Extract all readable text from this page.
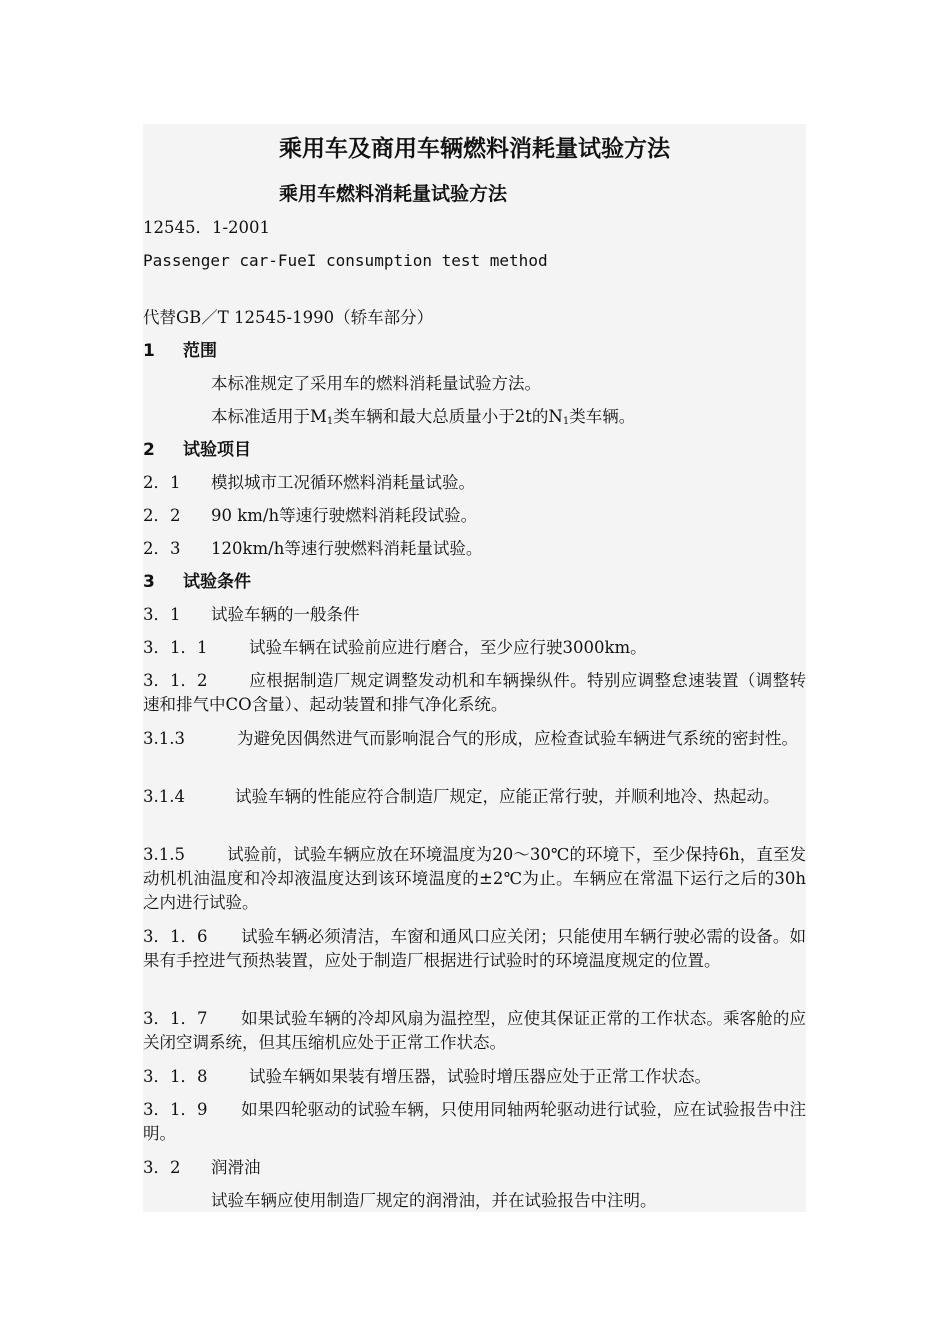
乘用车及商用车辆燃料消耗量试验方法
乘用车燃料消耗量试验方法
12545．1-2001
Passenger car-FueI consumption test method
代替GB／T 12545-1990（轿车部分）
1 范围
本标准规定了采用车的燃料消耗量试验方法。
本标准适用于$M_1$类车辆和最大总质量小于2t的$N_1$类车辆。
2 试验项目
2．1 模拟城市工况循环燃料消耗量试验。
2．2 90 km/h等速行驶燃料消耗段试验。
2．3 120km/h等速行驶燃料消耗量试验。
3 试验条件
3．1 试验车辆的一般条件
3．1．1	试验车辆在试验前应进行磨合，至少应行驶3000km。
3．1．2	应根据制造厂规定调整发动机和车辆操纵件。特别应调整怠速装置（调整转速和排气中CO含量）、起动装置和排气净化系统。
3.1.3	为避免因偶然进气而影响混合气的形成，应检查试验车辆进气系统的密封性。
3.1.4	试验车辆的性能应符合制造厂规定，应能正常行驶，并顺利地冷、热起动。
3.1.5	试验前，试验车辆应放在环境温度为20～30℃的环境下，至少保持6h，直至发动机机油温度和冷却液温度达到该环境温度的±2℃为止。车辆应在常温下运行之后的30h之内进行试验。
3．1．6 试验车辆必须清洁，车窗和通风口应关闭；只能使用车辆行驶必需的设备。如果有手控进气预热装置，应处于制造厂根据进行试验时的环境温度规定的位置。
3．1．7 如果试验车辆的冷却风扇为温控型，应使其保证正常的工作状态。乘客舱的应关闭空调系统，但其压缩机应处于正常工作状态。
3．1．8	试验车辆如果装有增压器，试验时增压器应处于正常工作状态。
3．1．9 如果四轮驱动的试验车辆，只使用同轴两轮驱动进行试验，应在试验报告中注明。
3．2 润滑油
试验车辆应使用制造厂规定的润滑油，并在试验报告中注明。
